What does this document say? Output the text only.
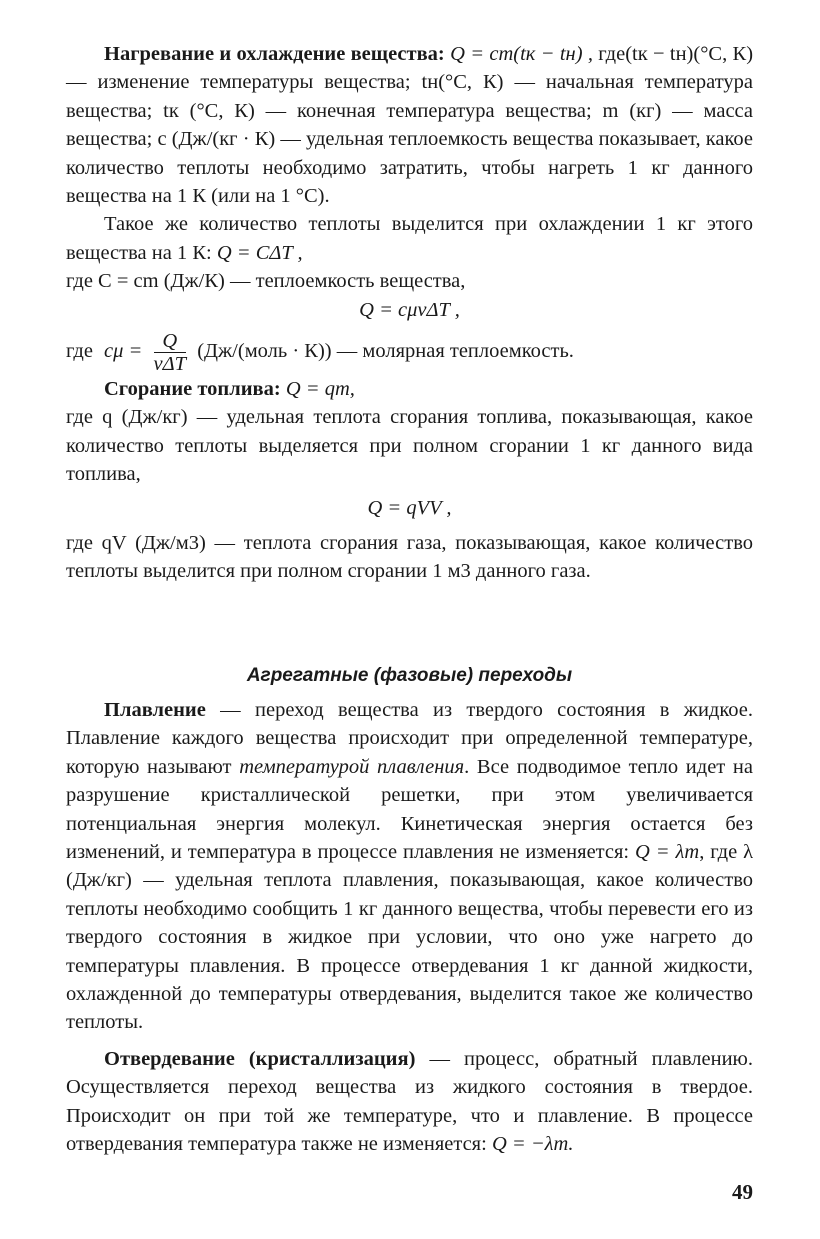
Нагревание и охлаждение вещества: Q = cm(tк − tн) , где(tк − tн)(°С, К) — изменение температуры вещества; tн(°С, К) — начальная температура вещества; tк (°С, К) — конечная температура вещества; m (кг) — масса вещества; c (Дж/(кг · К) — удельная теплоемкость вещества показывает, какое количество теплоты необходимо затратить, чтобы нагреть 1 кг данного вещества на 1 К (или на 1 °С).

Такое же количество теплоты выделится при охлаждении 1 кг этого вещества на 1 К: Q = CΔT ,

где C = cm (Дж/К) — теплоемкость вещества,

Q = cμνΔT ,

где $c\mu = \frac{Q}{\text{νΔT}}$ (Дж/(моль · К)) — молярная теплоемкость.

Сгорание топлива: Q = qm,

где q (Дж/кг) — удельная теплота сгорания топлива, показывающая, какое количество теплоты выделяется при полном сгорании 1 кг данного вида топлива,

Q = qVV ,

где qV (Дж/м3) — теплота сгорания газа, показывающая, какое количество теплоты выделится при полном сгорании 1 м3 данного газа.

Агрегатные (фазовые) переходы

Плавление — переход вещества из твердого состояния в жидкое. Плавление каждого вещества происходит при определенной температуре, которую называют температурой плавления. Все подводимое тепло идет на разрушение кристаллической решетки, при этом увеличивается потенциальная энергия молекул. Кинетическая энергия остается без изменений, и температура в процессе плавления не изменяется: Q = λm, где λ (Дж/кг) — удельная теплота плавления, показывающая, какое количество теплоты необходимо сообщить 1 кг данного вещества, чтобы перевести его из твердого состояния в жидкое при условии, что оно уже нагрето до температуры плавления. В процессе отвердевания 1 кг данной жидкости, охлажденной до температуры отвердевания, выделится такое же количество теплоты.

Отвердевание (кристаллизация) — процесс, обратный плавлению. Осуществляется переход вещества из жидкого состояния в твердое. Происходит он при той же температуре, что и плавление. В процессе отвердевания температура также не изменяется: Q = −λm.

49
